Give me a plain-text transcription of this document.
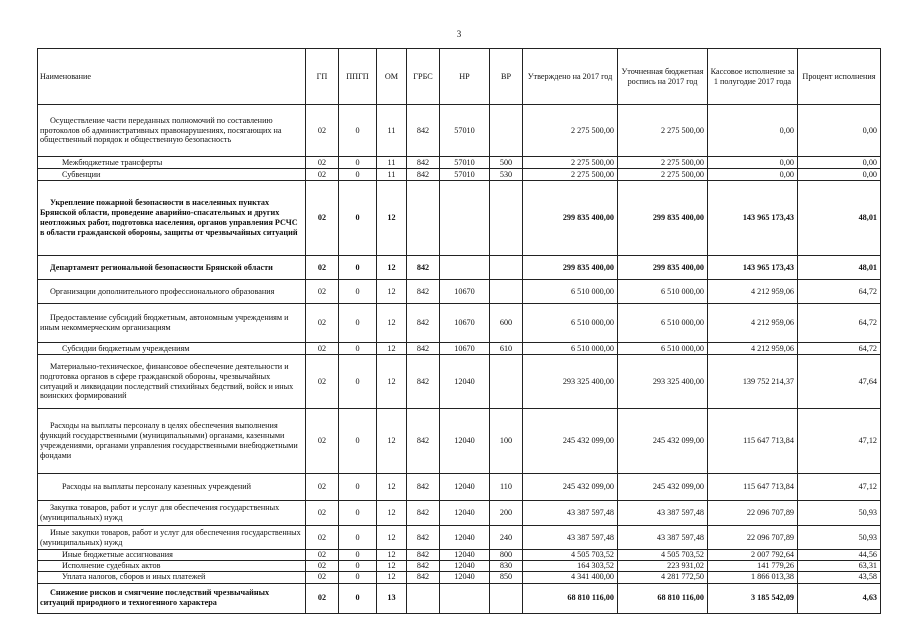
3
Наименование	ГП	ППГП	ОМ	ГРБС	НР	ВР	Утверждено на 2017 год	Уточненная бюджетная роспись на 2017 год	Кассовое исполнение за 1 полугодие 2017 года	Процент исполнения
Осуществление части переданных полномочий по составлению протоколов об административных правонарушениях, посягающих на общественный порядок и общественную безопасность	02	0	11	842	57010		2 275 500,00	2 275 500,00	0,00	0,00
Межбюджетные трансферты	02	0	11	842	57010	500	2 275 500,00	2 275 500,00	0,00	0,00
Субвенции	02	0	11	842	57010	530	2 275 500,00	2 275 500,00	0,00	0,00
Укрепление пожарной безопасности в населенных пунктах Брянской области, проведение аварийно-спасательных и других неотложных работ, подготовка населения, органов управления РСЧС в области гражданской обороны, защиты от чрезвычайных ситуаций	02	0	12				299 835 400,00	299 835 400,00	143 965 173,43	48,01
Департамент региональной безопасности Брянской области	02	0	12	842			299 835 400,00	299 835 400,00	143 965 173,43	48,01
Организации дополнительного профессионального образования	02	0	12	842	10670		6 510 000,00	6 510 000,00	4 212 959,06	64,72
Предоставление субсидий бюджетным, автономным учреждениям и иным некоммерческим организациям	02	0	12	842	10670	600	6 510 000,00	6 510 000,00	4 212 959,06	64,72
Субсидии бюджетным учреждениям	02	0	12	842	10670	610	6 510 000,00	6 510 000,00	4 212 959,06	64,72
Материально-техническое, финансовое обеспечение деятельности и подготовка органов в сфере гражданской обороны, чрезвычайных ситуаций и ликвидации последствий стихийных бедствий, войск и иных воинских формирований	02	0	12	842	12040		293 325 400,00	293 325 400,00	139 752 214,37	47,64
Расходы на выплаты персоналу в целях обеспечения выполнения функций государственными (муниципальными) органами, казенными учреждениями, органами управления государственными внебюджетными фондами	02	0	12	842	12040	100	245 432 099,00	245 432 099,00	115 647 713,84	47,12
Расходы на выплаты персоналу казенных учреждений	02	0	12	842	12040	110	245 432 099,00	245 432 099,00	115 647 713,84	47,12
Закупка товаров, работ и услуг для обеспечения государственных (муниципальных) нужд	02	0	12	842	12040	200	43 387 597,48	43 387 597,48	22 096 707,89	50,93
Иные закупки товаров, работ и услуг для обеспечения государственных (муниципальных) нужд	02	0	12	842	12040	240	43 387 597,48	43 387 597,48	22 096 707,89	50,93
Иные бюджетные ассигнования	02	0	12	842	12040	800	4 505 703,52	4 505 703,52	2 007 792,64	44,56
Исполнение судебных актов	02	0	12	842	12040	830	164 303,52	223 931,02	141 779,26	63,31
Уплата налогов, сборов и иных платежей	02	0	12	842	12040	850	4 341 400,00	4 281 772,50	1 866 013,38	43,58
Снижение рисков и смягчение последствий чрезвычайных ситуаций природного и техногенного характера	02	0	13				68 810 116,00	68 810 116,00	3 185 542,09	4,63
